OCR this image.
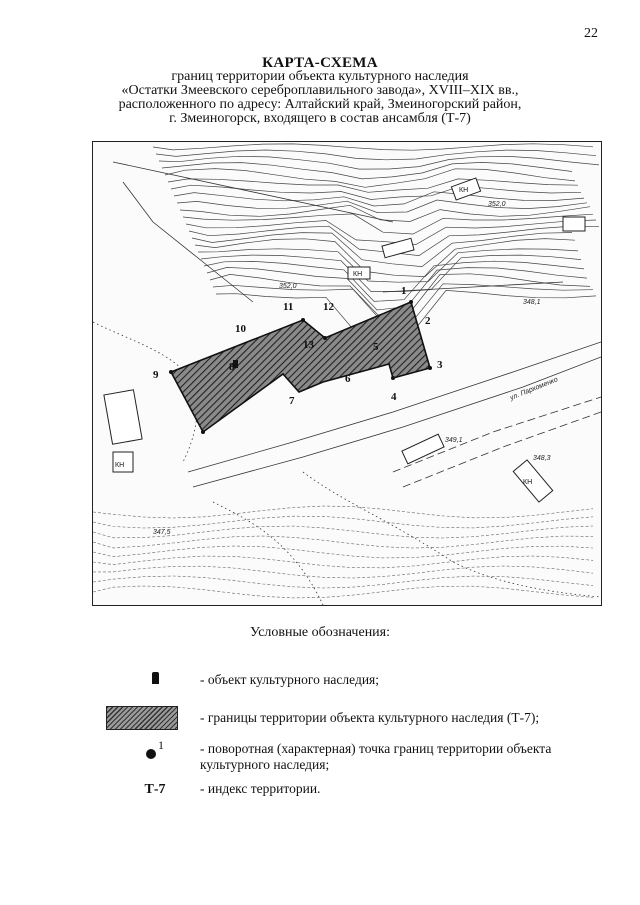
22
КАРТА-СХЕМА
границ территории объекта культурного наследия
«Остатки Змеевского сереброплавильного завода», XVIII–XIX вв.,
расположенного по адресу: Алтайский край, Змеиногорский район,
г. Змеиногорск, входящего в состав ансамбля (Т-7)
КН
КН
КН
КН
1
2
3
4
5
6
7
8
9
10
11	12
13
352,0
348,1
349,1
348,3
347,5
352,0
ул. Пархоменко
Условные обозначения:
- объект культурного наследия;
- границы территории объекта культурного наследия (Т-7);
1	- поворотная (характерная) точка границ территории объекта культурного наследия;
Т-7	- индекс территории.
